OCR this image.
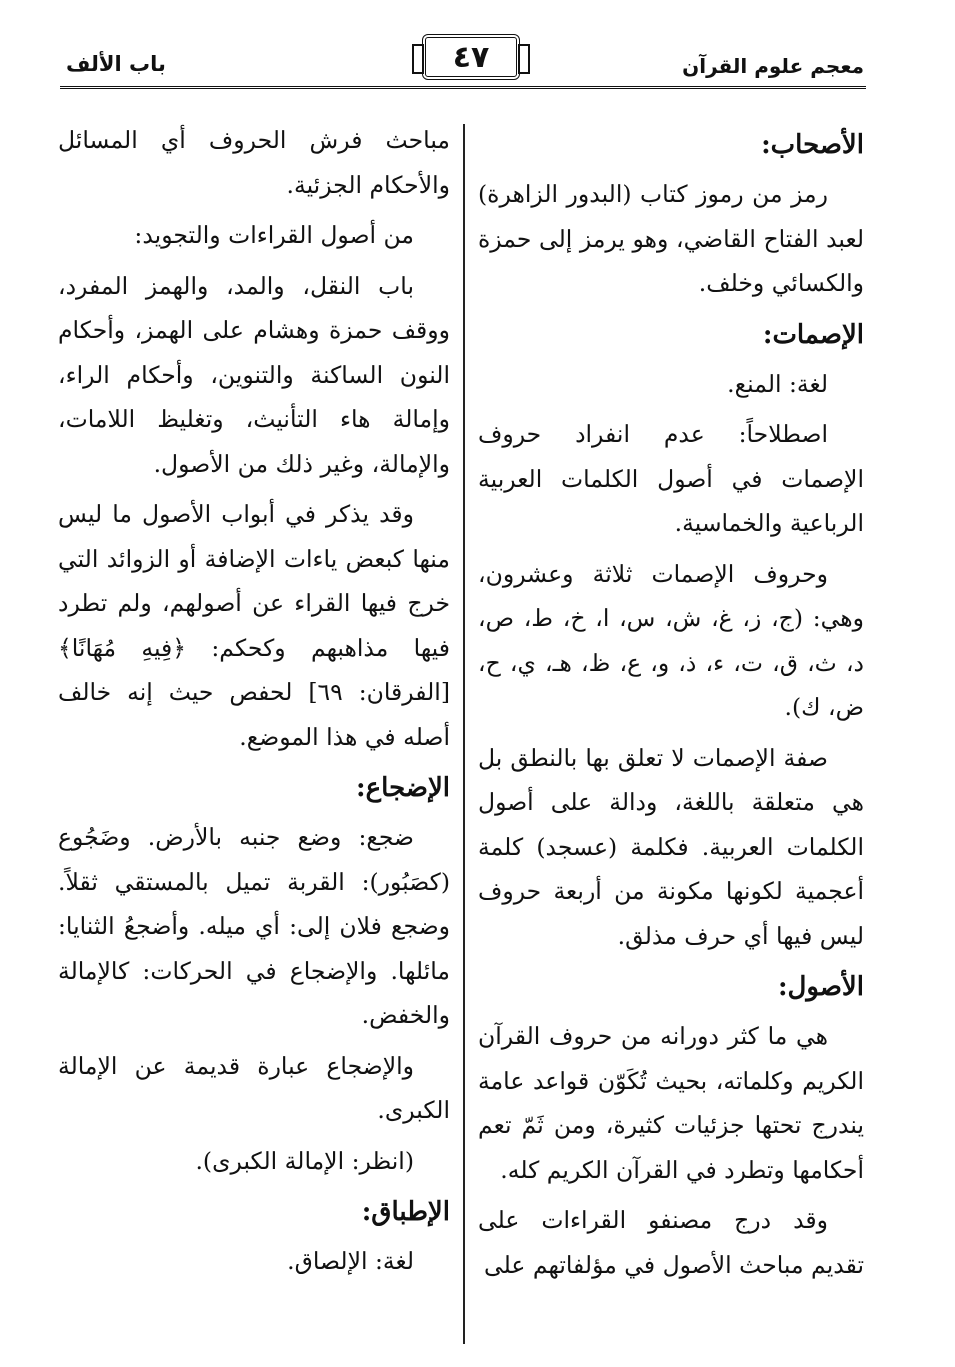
باب الألف	٤٧	معجم علوم القرآن
الأصحاب:

رمز من رموز كتاب (البدور الزاهرة) لعبد الفتاح القاضي، وهو يرمز إلى حمزة والكسائي وخلف.

الإصمات:

لغة: المنع.

اصطلاحاً: عدم انفراد حروف الإصمات في أصول الكلمات العربية الرباعية والخماسية.

وحروف الإصمات ثلاثة وعشرون، وهي: (ج، ز، غ، ش، س، ا، خ، ط، ص، د، ث، ق، ت، ء، ذ، و، ع، ظ، هـ، ي، ح، ض، ك).

صفة الإصمات لا تعلق بها بالنطق بل هي متعلقة باللغة، ودالة على أصول الكلمات العربية. فكلمة (عسجد) كلمة أعجمية لكونها مكونة من أربعة حروف ليس فيها أي حرف مذلق.

الأصول:

هي ما كثر دورانه من حروف القرآن الكريم وكلماته، بحيث تُكَوّن قواعد عامة يندرج تحتها جزئيات كثيرة، ومن ثَمّ تعم أحكامها وتطرد في القرآن الكريم كله.

وقد درج مصنفو القراءات على تقديم مباحث الأصول في مؤلفاتهم على

مباحث فرش الحروف أي المسائل والأحكام الجزئية.

من أصول القراءات والتجويد:

باب النقل، والمد، والهمز المفرد، ووقف حمزة وهشام على الهمز، وأحكام النون الساكنة والتنوين، وأحكام الراء، وإمالة هاء التأنيث، وتغليظ اللامات، والإمالة، وغير ذلك من الأصول.

وقد يذكر في أبواب الأصول ما ليس منها كبعض ياءات الإضافة أو الزوائد التي خرج فيها القراء عن أصولهم، ولم تطرد فيها مذاهبهم وكحكم: ﴿فِيهِ مُهَانًا﴾ [الفرقان: ٦٩] لحفص حيث إنه خالف أصله في هذا الموضع.

الإضجاع:

ضجع: وضع جنبه بالأرض. وضَجُوع (كصَبُور): القربة تميل بالمستقي ثقلاً. وضجع فلان إلى: أي ميله. وأضجعُ الثنايا: مائلها. والإضجاع في الحركات: كالإمالة والخفض.

والإضجاع عبارة قديمة عن الإمالة الكبرى.

(انظر: الإمالة الكبرى).

الإطباق:

لغة: الإلصاق.
